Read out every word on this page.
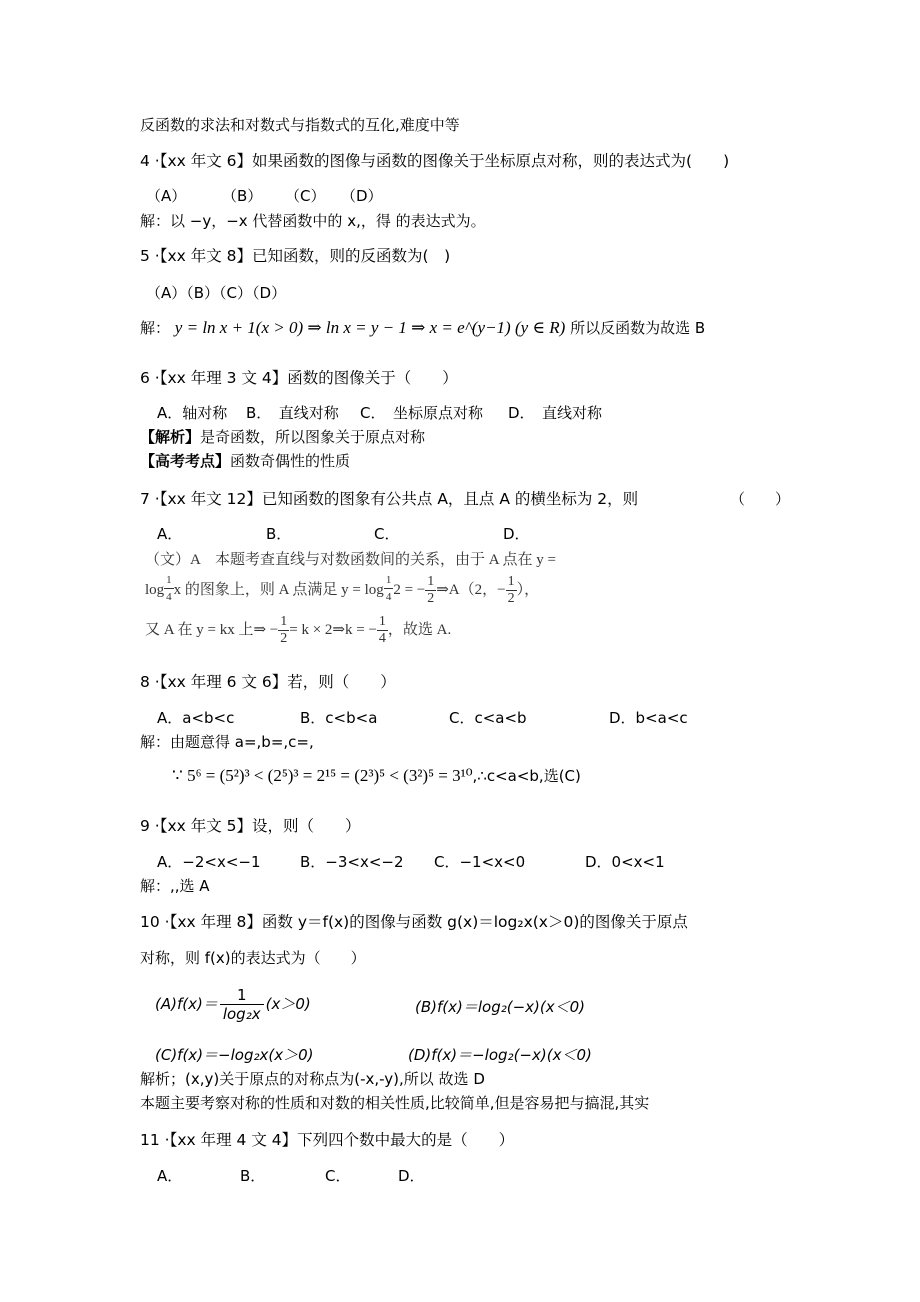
反函数的求法和对数式与指数式的互化,难度中等
4 ·【xx 年文 6】如果函数的图像与函数的图像关于坐标原点对称，则的表达式为(　　)
（A） （B） （C） （D）
解：以 −y，−x 代替函数中的 x,，得 的表达式为。
5 ·【xx 年文 8】已知函数，则的反函数为(　)
（A）（B）（C）（D）
解： y = ln x + 1(x > 0) ⇒ ln x = y − 1 ⇒ x = e^(y−1) (y ∈ R) 所以反函数为故选 B
6 ·【xx 年理 3 文 4】函数的图像关于（　　）
A．轴对称 B．　直线对称 C．　坐标原点对称 D．　直线对称
【解析】是奇函数，所以图象关于原点对称
【高考考点】函数奇偶性的性质
7 ·【xx 年文 12】已知函数的图象有公共点 A，且点 A 的横坐标为 2，则	（　　）
A．	B．	C．	D．
（文）A　本题考查直线与对数函数间的关系，由于 A 点在 y =
$\log \frac{1}{4}$ x 的图象上，则 A 点满足 $y = \log \frac{1}{4} 2$ = − $\frac{1}{2}$ ⇒A（2，− $\frac{1}{2}$ ），
又 A 在 y = kx 上⇒ − $\frac{1}{2} = k$ × 2⇒k = − $\frac{1}{4}$ ，故选 A.
8 ·【xx 年理 6 文 6】若，则（　　）
A．a<b<c	B．c<b<a	C．c<a<b	D．b<a<c
解：由题意得 a=,b=,c=,
∵ 5⁶ = (5²)³ < (2⁵)³ = 2¹⁵ = (2³)⁵ < (3²)⁵ = 3¹⁰,∴c<a<b,选(C)
9 ·【xx 年文 5】设，则（　　）
A．−2<x<−1	B．−3<x<−2 C．−1<x<0	D．0<x<1
解：,,选 A
10 ·【xx 年理 8】函数 y＝f(x)的图像与函数 g(x)＝log₂x(x＞0)的图像关于原点
对称，则 f(x)的表达式为（　　）
$(A)f(x)= \frac{1}{\text{log₂x}} (x>0)$	(B)f(x)＝log₂(−x)(x＜0)
(C)f(x)＝−log₂x(x＞0)	(D)f(x)＝−log₂(−x)(x＜0)
解析；(x,y)关于原点的对称点为(-x,-y),所以 故选 D
本题主要考察对称的性质和对数的相关性质,比较简单,但是容易把与搞混,其实
11 ·【xx 年理 4 文 4】下列四个数中最大的是（　　）
A．	B．	C．	D．
